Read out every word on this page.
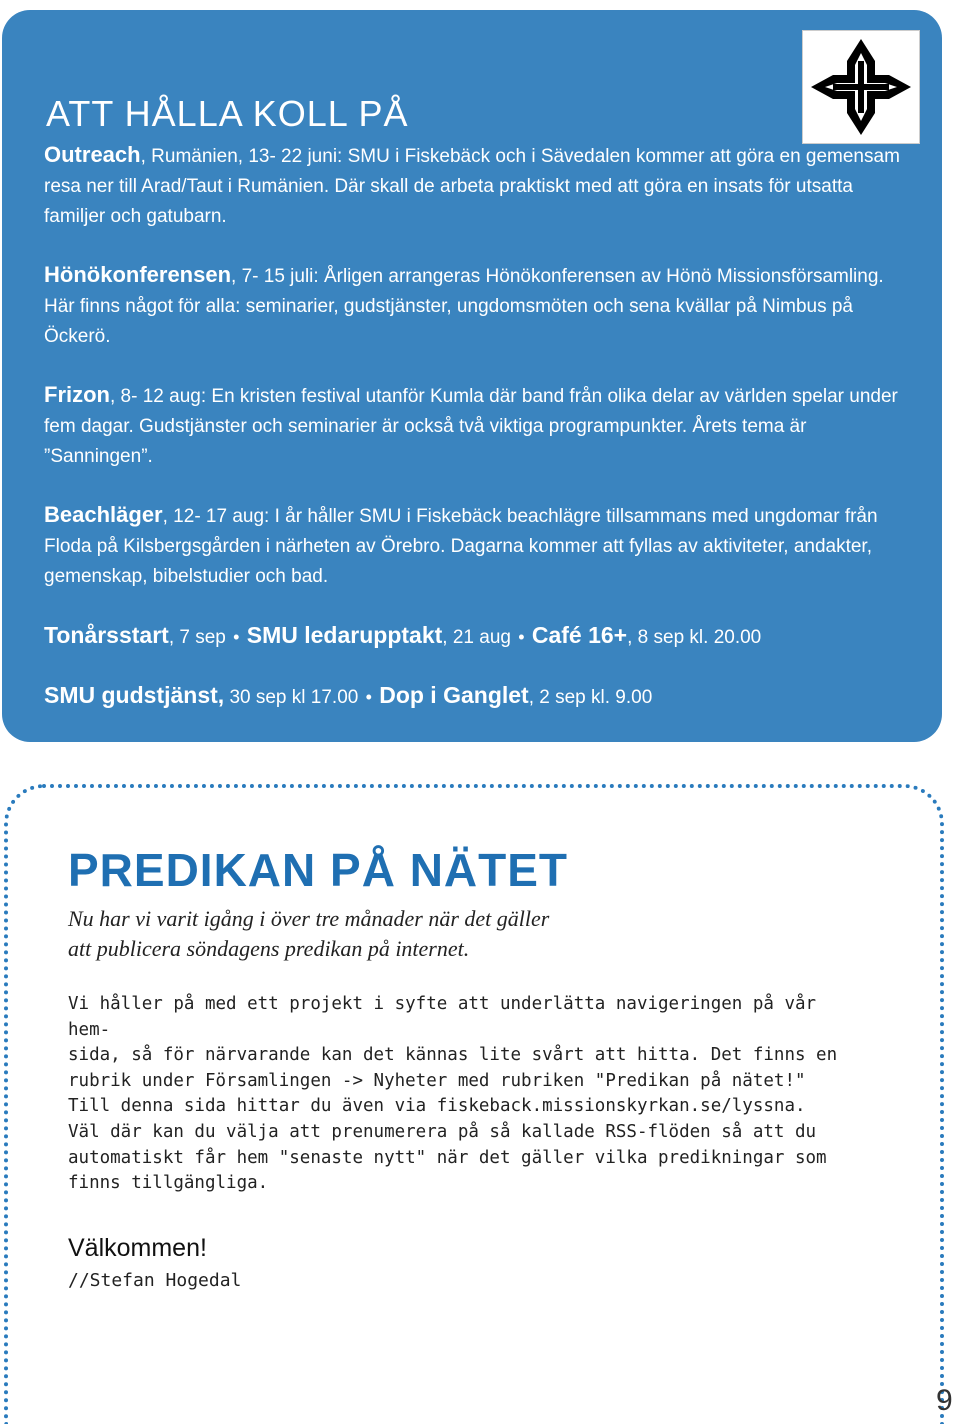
ATT HÅLLA KOLL PÅ

Outreach, Rumänien, 13- 22 juni: SMU i Fiskebäck och i Sävedalen kommer att göra en gemensam resa ner till Arad/Taut i Rumänien. Där skall de arbeta praktiskt med att göra en insats för utsatta familjer och gatubarn.

Hönökonferensen, 7- 15 juli: Årligen arrangeras Hönökonferensen av Hönö Missionsförsamling. Här finns något för alla: seminarier, gudstjänster, ungdomsmöten och sena kvällar på Nimbus på Öckerö.

Frizon, 8- 12 aug: En kristen festival utanför Kumla där band från olika delar av världen spelar under fem dagar. Gudstjänster och seminarier är också två viktiga programpunkter. Årets tema är ”Sanningen”.

Beachläger, 12- 17 aug: I år håller SMU i Fiskebäck beachlägre tillsammans med ungdomar från Floda på Kilsbergsgården i närheten av Örebro. Dagarna kommer att fyllas av aktiviteter, andakter, gemenskap, bibelstudier och bad.

Tonårsstart, 7 sep • SMU ledarupptakt, 21 aug • Café 16+, 8 sep kl. 20.00

SMU gudstjänst, 30 sep kl 17.00 • Dop i Ganglet, 2 sep kl. 9.00

PREDIKAN PÅ NÄTET

Nu har vi varit igång i över tre månader när det gäller
att publicera söndagens predikan på internet.

Vi håller på med ett projekt i syfte att underlätta navigeringen på vår hem-
sida, så för närvarande kan det kännas lite svårt att hitta. Det finns en
rubrik under Församlingen -> Nyheter med rubriken "Predikan på nätet!"
Till denna sida hittar du även via fiskeback.missionskyrkan.se/lyssna.

Väl där kan du välja att prenumerera på så kallade RSS-flöden så att du
automatiskt får hem "senaste nytt" när det gäller vilka predikningar som
finns tillgängliga.

Välkommen!

//Stefan Hogedal

9
